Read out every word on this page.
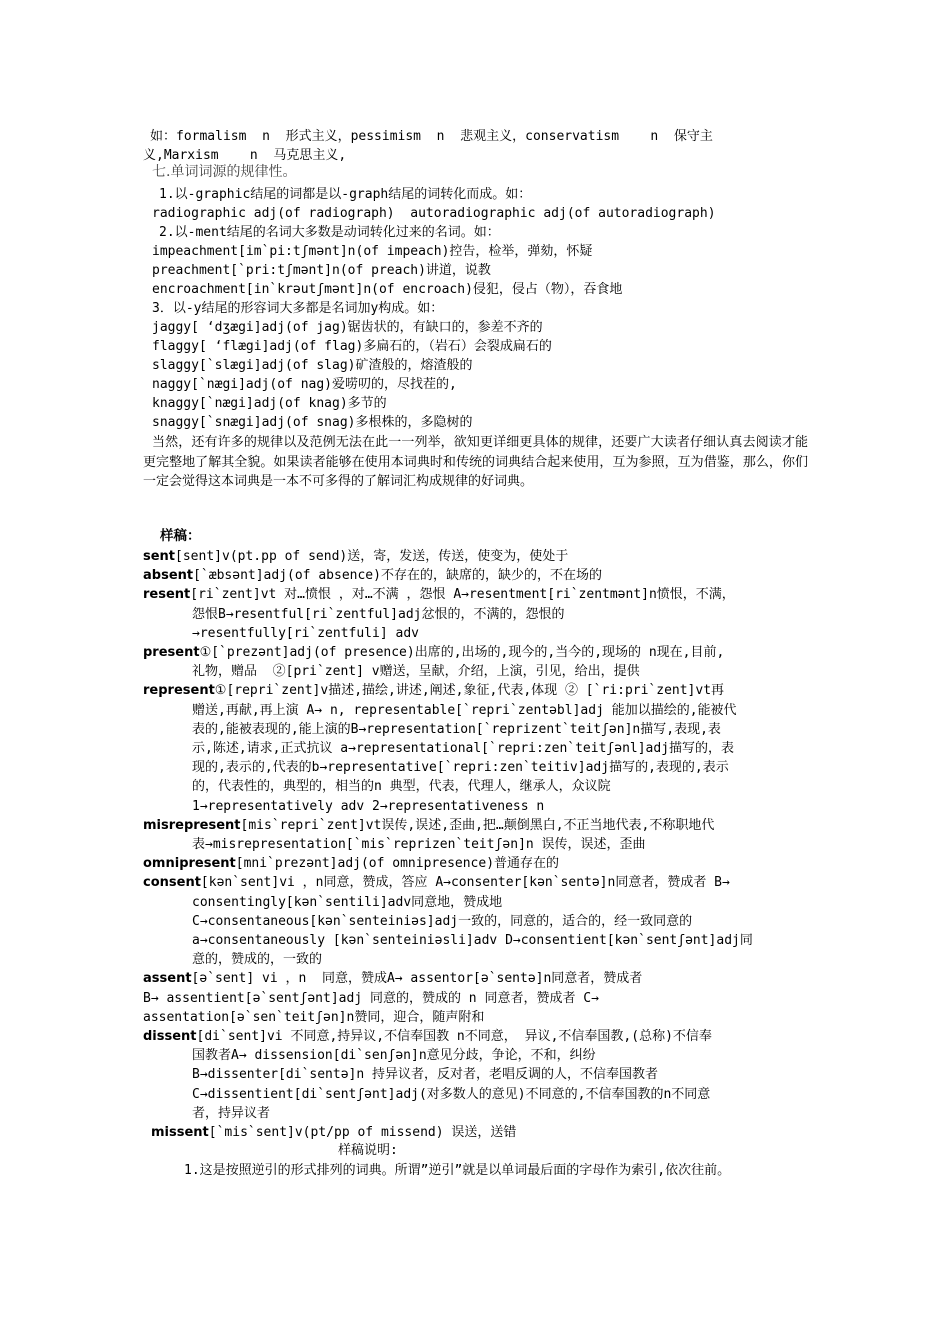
如：formalism  n  形式主义，pessimism  n  悲观主义，conservatism    n  保守主
义,Marxism    n  马克思主义,
七.单词词源的规律性。
1.以-graphic结尾的词都是以-graph结尾的词转化而成。如：
radiographic adj(of radiograph)  autoradiographic adj(of autoradiograph)
2.以-ment结尾的名词大多数是动词转化过来的名词。如：
impeachment[im`pi:tʃmənt]n(of impeach)控告，检举，弹劾，怀疑
preachment[`pri:tʃmənt]n(of preach)讲道，说教
encroachment[in`krəutʃmənt]n(of encroach)侵犯，侵占（物），吞食地
3．以-y结尾的形容词大多都是名词加y构成。如：
jaggy[ ‘dʒægi]adj(of jag)锯齿状的，有缺口的，参差不齐的
flaggy[ ‘flægi]adj(of flag)多扁石的，（岩石）会裂成扁石的
slaggy[`slægi]adj(of slag)矿渣般的，熔渣般的
naggy[`nægi]adj(of nag)爱唠叨的，尽找茬的,
knaggy[`nægi]adj(of knag)多节的
snaggy[`snægi]adj(of snag)多根株的，多隐树的
当然，还有许多的规律以及范例无法在此一一列举，欲知更详细更具体的规律，还要广大读者仔细认真去阅读才能更完整地了解其全貌。如果读者能够在使用本词典时和传统的词典结合起来使用，互为参照，互为借鉴，那么，你们一定会觉得这本词典是一本不可多得的了解词汇构成规律的好词典。
样稿：
sent[sent]v(pt.pp of send)送，寄，发送，传送，使变为，使处于
absent[`æbsənt]adj(of absence)不存在的，缺席的，缺少的，不在场的
resent[ri`zent]vt 对…愤恨 ，对…不满 ，怨恨 A→resentment[ri`zentmənt]n愤恨，不满，
怨恨B→resentful[ri`zentful]adj忿恨的，不满的，怨恨的
→resentfully[ri`zentfuli] adv
present①[`prezənt]adj(of presence)出席的,出场的,现今的,当今的,现场的 n现在,目前,
礼物，赠品  ②[pri`zent] v赠送，呈献，介绍，上演，引见，给出，提供
represent①[repri`zent]v描述,描绘,讲述,阐述,象征,代表,体现 ② [`ri:pri`zent]vt再
赠送,再献,再上演 A→ n, representable[`repri`zentəbl]adj 能加以描绘的,能被代
表的,能被表现的,能上演的B→representation[`reprizent`teitʃən]n描写,表现,表
示,陈述,请求,正式抗议 a→representational[`repri:zen`teitʃənl]adj描写的，表
现的,表示的,代表的b→representative[`repri:zen`teitiv]adj描写的,表现的,表示
的，代表性的，典型的，相当的n 典型，代表，代理人，继承人，众议院
1→representatively adv 2→representativeness n
misrepresent[mis`repri`zent]vt误传,误述,歪曲,把…颠倒黑白,不正当地代表,不称职地代
表→misrepresentation[`mis`reprizen`teitʃən]n 误传，误述，歪曲
omnipresent[mni`prezənt]adj(of omnipresence)普通存在的
consent[kən`sent]vi ，n同意，赞成，答应 A→consenter[kən`sentə]n同意者，赞成者 B→
consentingly[kən`sentili]adv同意地，赞成地
C→consentaneous[kən`senteiniəs]adj一致的，同意的，适合的，经一致同意的
a→consentaneously [kən`senteiniəsli]adv D→consentient[kən`sentʃənt]adj同
意的，赞成的，一致的
assent[ə`sent] vi ，n  同意，赞成A→ assentor[ə`sentə]n同意者，赞成者
B→ assentient[ə`sentʃənt]adj 同意的，赞成的 n 同意者，赞成者 C→
assentation[ə`sen`teitʃən]n赞同，迎合，随声附和
dissent[di`sent]vi 不同意,持异议,不信奉国教 n不同意， 异议,不信奉国教,(总称)不信奉
国教者A→ dissension[di`senʃən]n意见分歧，争论，不和，纠纷
B→dissenter[di`sentə]n 持异议者，反对者，老唱反调的人，不信奉国教者
C→dissentient[di`sentʃənt]adj(对多数人的意见)不同意的,不信奉国教的n不同意
者，持异议者
missent[`mis`sent]v(pt/pp of missend) 误送，送错
样稿说明:
1.这是按照逆引的形式排列的词典。所谓”逆引”就是以单词最后面的字母作为索引,依次往前。
